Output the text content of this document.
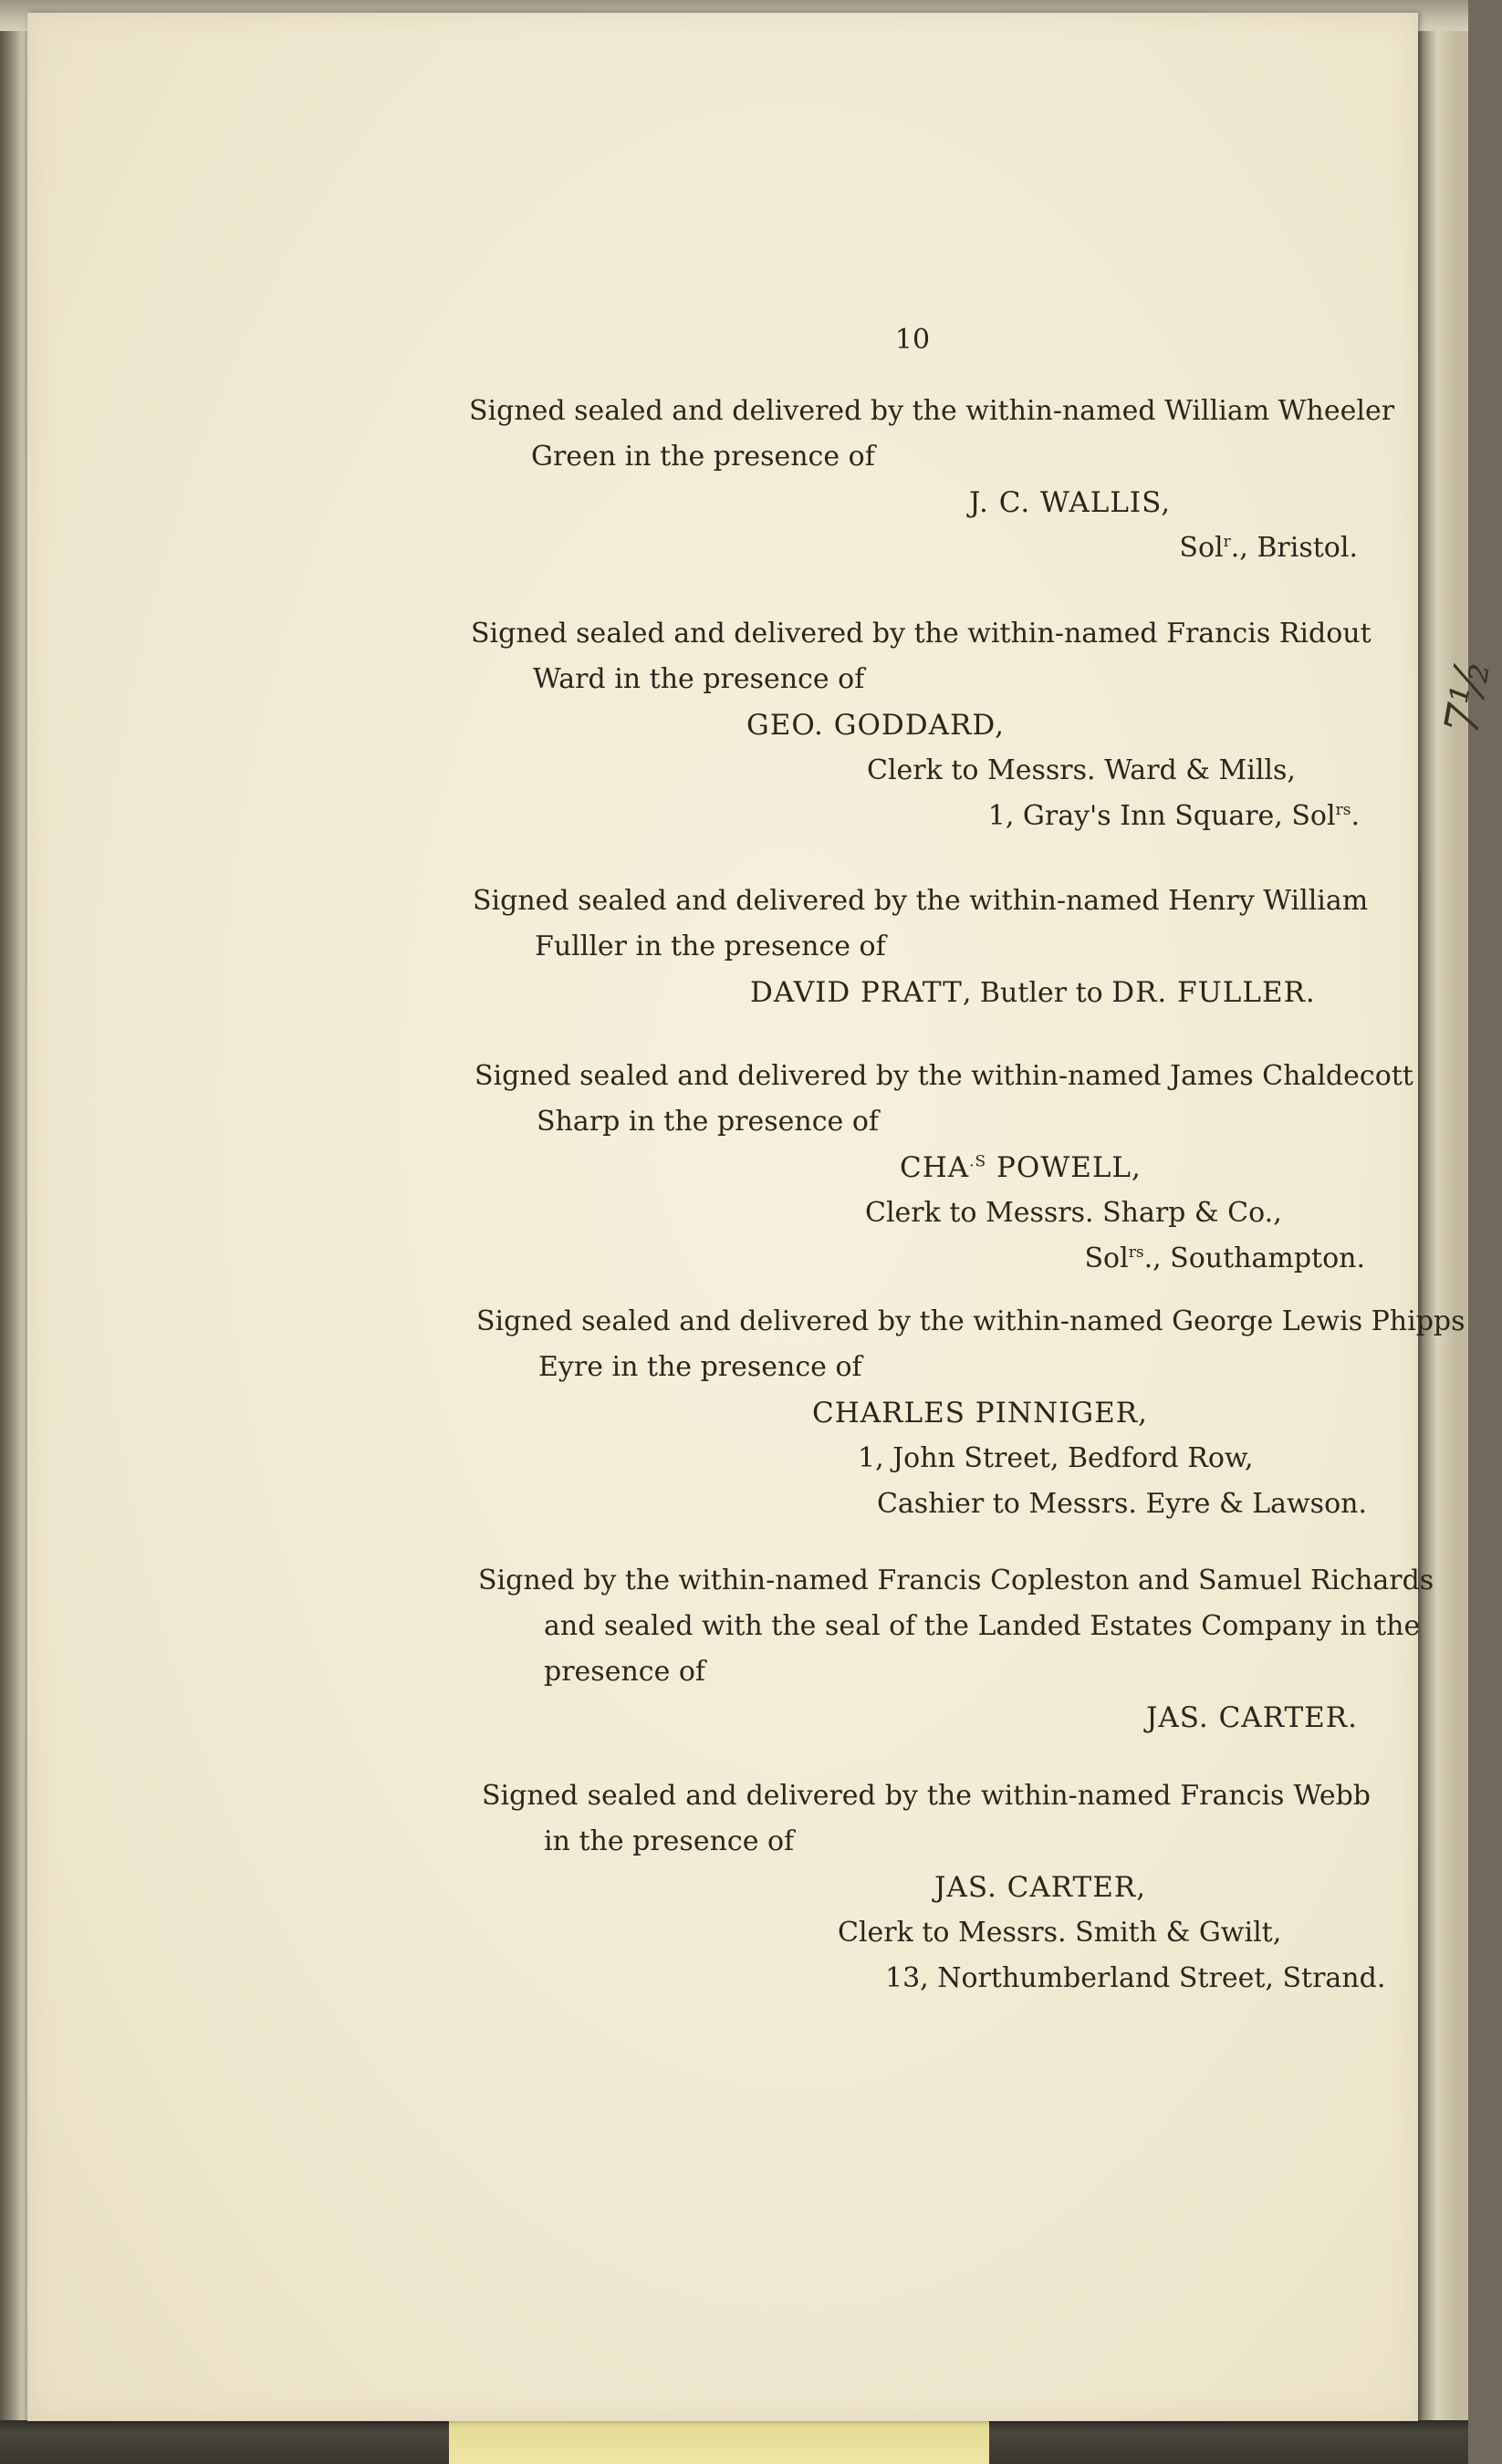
7½
10

Signed sealed and delivered by the within-named William Wheeler

Green in the presence of

J. C. WALLIS,

Sol$^r$., Bristol.

Signed sealed and delivered by the within-named Francis Ridout

Ward in the presence of

GEO. GODDARD,

Clerk to Messrs. Ward & Mills,

1, Gray's Inn Square, Sol$^{rs}$.

Signed sealed and delivered by the within-named Henry William

Fulller in the presence of

DAVID PRATT, Butler to DR. FULLER.

Signed sealed and delivered by the within-named James Chaldecott

Sharp in the presence of

$CHA^{.S}$ POWELL,

Clerk to Messrs. Sharp & Co.,

Sol$^{rs}$., Southampton.

Signed sealed and delivered by the within-named George Lewis Phipps

Eyre in the presence of

CHARLES PINNIGER,

1, John Street, Bedford Row,

Cashier to Messrs. Eyre & Lawson.

Signed by the within-named Francis Copleston and Samuel Richards

and sealed with the seal of the Landed Estates Company in the

presence of

JAS. CARTER.

Signed sealed and delivered by the within-named Francis Webb

in the presence of

JAS. CARTER,

Clerk to Messrs. Smith & Gwilt,

13, Northumberland Street, Strand.
